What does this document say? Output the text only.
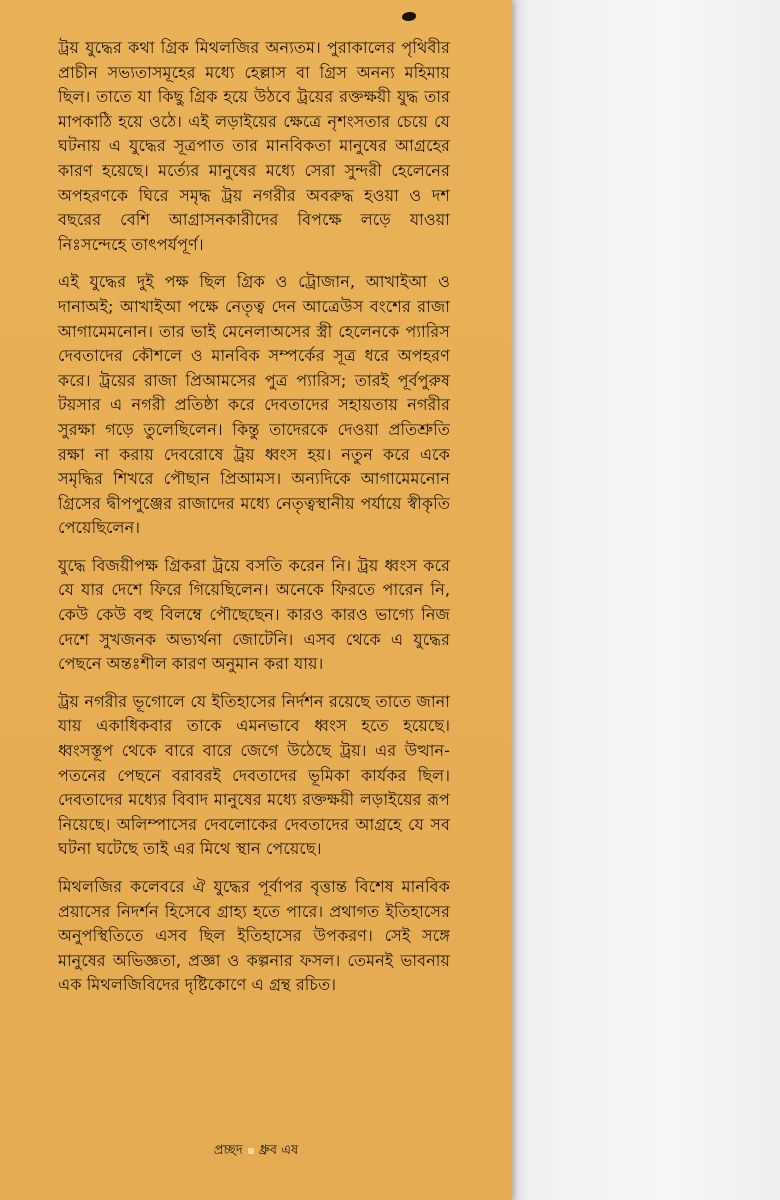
ট্রয় যুদ্ধের কথা গ্রিক মিথলজির অন্যতম। পুরাকালের পৃথিবীর প্রাচীন সভ্যতাসমূহের মধ্যে হেল্লাস বা গ্রিস অনন্য মহিমায় ছিল। তাতে যা কিছু গ্রিক হয়ে উঠবে ট্রয়ের রক্তক্ষয়ী যুদ্ধ তার মাপকাঠি হয়ে ওঠে। এই লড়াইয়ের ক্ষেত্রে নৃশংসতার চেয়ে যে ঘটনায় এ যুদ্ধের সূত্রপাত তার মানবিকতা মানুষের আগ্রহের কারণ হয়েছে। মর্ত্যের মানুষের মধ্যে সেরা সুন্দরী হেলেনের অপহরণকে ঘিরে সমৃদ্ধ ট্রয় নগরীর অবরুদ্ধ হওয়া ও দশ বছরের বেশি আগ্রাসনকারীদের বিপক্ষে লড়ে যাওয়া নিঃসন্দেহে তাৎপর্যপূর্ণ।

এই যুদ্ধের দুই পক্ষ ছিল গ্রিক ও ট্রোজান, আখাইআ ও দানাঅই; আখাইআ পক্ষে নেতৃত্ব দেন আত্রেউস বংশের রাজা আগামেমনোন। তার ভাই মেনেলাঅসের স্ত্রী হেলেনকে প্যারিস দেবতাদের কৌশলে ও মানবিক সম্পর্কের সূত্র ধরে অপহরণ করে। ট্রয়ের রাজা প্রিআমসের পুত্র প্যারিস; তারই পূর্বপুরুষ টয়সার এ নগরী প্রতিষ্ঠা করে দেবতাদের সহায়তায় নগরীর সুরক্ষা গড়ে তুলেছিলেন। কিন্তু তাদেরকে দেওয়া প্রতিশ্রুতি রক্ষা না করায় দেবরোষে ট্রয় ধ্বংস হয়। নতুন করে একে সমৃদ্ধির শিখরে পৌছান প্রিআমস। অন্যদিকে আগামেমনোন গ্রিসের দ্বীপপুঞ্জের রাজাদের মধ্যে নেতৃত্বস্থানীয় পর্যায়ে স্বীকৃতি পেয়েছিলেন।

যুদ্ধে বিজয়ীপক্ষ গ্রিকরা ট্রয়ে বসতি করেন নি। ট্রয় ধ্বংস করে যে যার দেশে ফিরে গিয়েছিলেন। অনেকে ফিরতে পারেন নি, কেউ কেউ বহু বিলম্বে পৌছেছেন। কারও কারও ভাগ্যে নিজ দেশে সুখজনক অভ্যর্থনা জোটেনি। এসব থেকে এ যুদ্ধের পেছনে অন্তঃশীল কারণ অনুমান করা যায়।

ট্রয় নগরীর ভূগোলে যে ইতিহাসের নির্দশন রয়েছে তাতে জানা যায় একাধিকবার তাকে এমনভাবে ধ্বংস হতে হয়েছে। ধ্বংসস্তূপ থেকে বারে বারে জেগে উঠেছে ট্রয়। এর উত্থান-পতনের পেছনে বরাবরই দেবতাদের ভূমিকা কার্যকর ছিল। দেবতাদের মধ্যের বিবাদ মানুষের মধ্যে রক্তক্ষয়ী লড়াইয়ের রূপ নিয়েছে। অলিম্পাসের দেবলোকের দেবতাদের আগ্রহে যে সব ঘটনা ঘটেছে তাই এর মিথে স্থান পেয়েছে।

মিথলজির কলেবরে ঐ যুদ্ধের পূর্বাপর বৃত্তান্ত বিশেষ মানবিক প্রয়াসের নিদর্শন হিসেবে গ্রাহ্য হতে পারে। প্রথাগত ইতিহাসের অনুপস্থিতিতে এসব ছিল ইতিহাসের উপকরণ। সেই সঙ্গে মানুষের অভিজ্ঞতা, প্রজ্ঞা ও কল্পনার ফসল। তেমনই ভাবনায় এক মিথলজিবিদের দৃষ্টিকোণে এ গ্রন্থ রচিত।

প্রচ্ছদ ধ্রুব এষ
